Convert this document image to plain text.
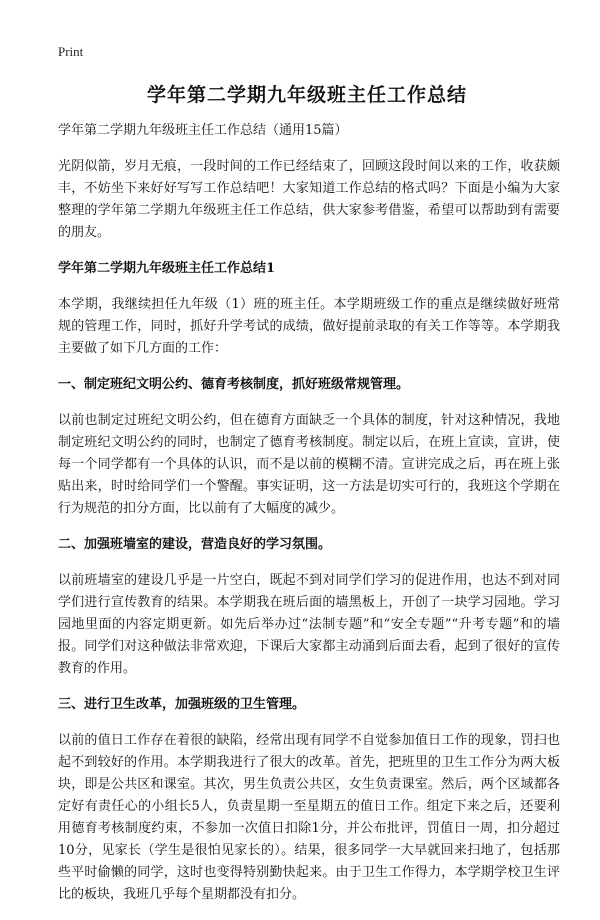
Print
学年第二学期九年级班主任工作总结

学年第二学期九年级班主任工作总结（通用15篇）

光阴似箭，岁月无痕，一段时间的工作已经结束了，回顾这段时间以来的工作，收获颇丰，不妨坐下来好好写写工作总结吧！大家知道工作总结的格式吗？下面是小编为大家整理的学年第二学期九年级班主任工作总结，供大家参考借鉴，希望可以帮助到有需要的朋友。

学年第二学期九年级班主任工作总结1

本学期，我继续担任九年级（1）班的班主任。本学期班级工作的重点是继续做好班常规的管理工作，同时，抓好升学考试的成绩，做好提前录取的有关工作等等。本学期我主要做了如下几方面的工作：

一、制定班纪文明公约、德育考核制度，抓好班级常规管理。

以前也制定过班纪文明公约，但在德育方面缺乏一个具体的制度，针对这种情况，我地制定班纪文明公约的同时，也制定了德育考核制度。制定以后，在班上宣读，宣讲，使每一个同学都有一个具体的认识，而不是以前的模糊不清。宣讲完成之后，再在班上张贴出来，时时给同学们一个警醒。事实证明，这一方法是切实可行的，我班这个学期在行为规范的扣分方面，比以前有了大幅度的减少。

二、加强班墙室的建设，营造良好的学习氛围。

以前班墙室的建设几乎是一片空白，既起不到对同学们学习的促进作用，也达不到对同学们进行宣传教育的结果。本学期我在班后面的墙黑板上，开创了一块学习园地。学习园地里面的内容定期更新。如先后举办过“法制专题”和“安全专题”“升考专题”和的墙报。同学们对这种做法非常欢迎，下课后大家都主动涌到后面去看，起到了很好的宣传教育的作用。

三、进行卫生改革，加强班级的卫生管理。

以前的值日工作存在着很的缺陷，经常出现有同学不自觉参加值日工作的现象，罚扫也起不到较好的作用。本学期我进行了很大的改革。首先，把班里的卫生工作分为两大板块，即是公共区和课室。其次，男生负责公共区，女生负责课室。然后，两个区域都各定好有责任心的小组长5人，负责星期一至星期五的值日工作。组定下来之后，还要利用德育考核制度约束，不参加一次值日扣除1分，并公布批评，罚值日一周，扣分超过10分，见家长（学生是很怕见家长的）。结果，很多同学一大早就回来扫地了，包括那些平时偷懒的同学，这时也变得特别勤快起来。由于卫生工作得力，本学期学校卫生评比的板块，我班几乎每个星期都没有扣分。
